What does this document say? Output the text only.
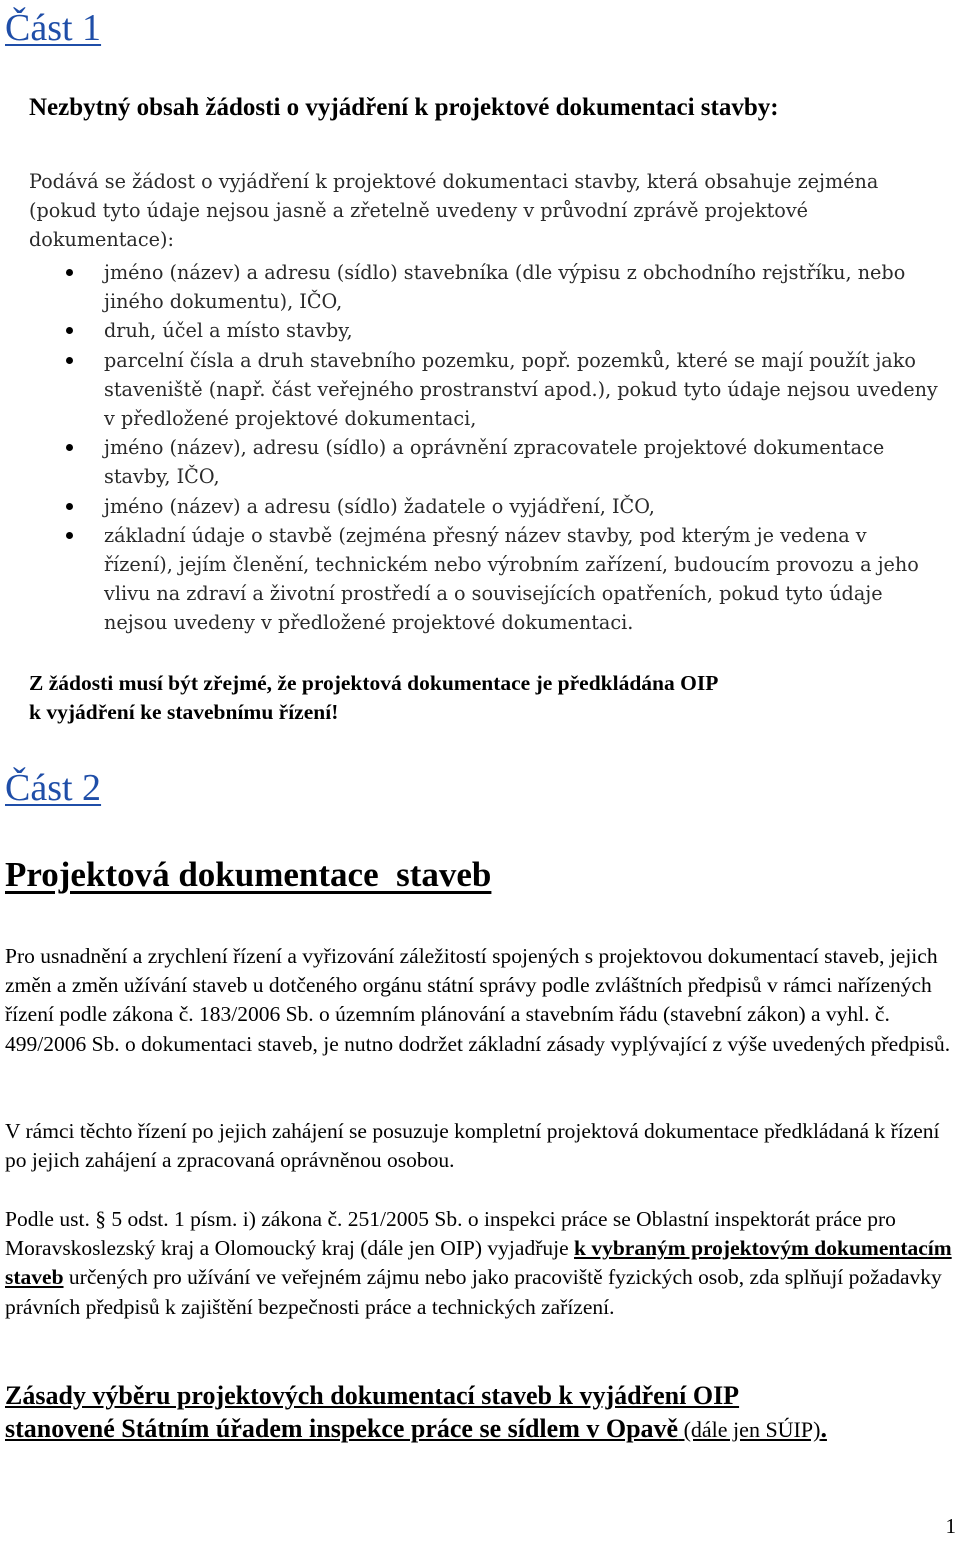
Část 1
Nezbytný obsah žádosti o vyjádření k projektové dokumentaci stavby:

Podává se žádost o vyjádření k projektové dokumentaci stavby, která obsahuje zejména (pokud tyto údaje nejsou jasně a zřetelně uvedeny v průvodní zprávě projektové dokumentace):

jméno (název) a adresu (sídlo) stavebníka (dle výpisu z obchodního rejstříku, nebo jiného dokumentu), IČO,
druh, účel a místo stavby,
parcelní čísla a druh stavebního pozemku, popř. pozemků, které se mají použít jako staveniště (např. část veřejného prostranství apod.), pokud tyto údaje nejsou uvedeny v předložené projektové dokumentaci,
jméno (název), adresu (sídlo) a oprávnění zpracovatele projektové dokumentace stavby, IČO,
jméno (název) a adresu (sídlo) žadatele o vyjádření, IČO,
základní údaje o stavbě (zejména přesný název stavby, pod kterým je vedena v řízení), jejím členění, technickém nebo výrobním zařízení, budoucím provozu a jeho vlivu na zdraví a životní prostředí a o souvisejících opatřeních, pokud tyto údaje nejsou uvedeny v předložené projektové dokumentaci.

Z žádosti musí být zřejmé, že projektová dokumentace je předkládána OIP
k vyjádření ke stavebnímu řízení!

Část 2
Projektová dokumentace  staveb

Pro usnadnění a zrychlení řízení a vyřizování záležitostí spojených s projektovou dokumentací staveb, jejich změn a změn užívání staveb u dotčeného orgánu státní správy podle zvláštních předpisů v rámci nařízených řízení podle zákona č. 183/2006 Sb. o územním plánování a stavebním řádu (stavební zákon) a vyhl. č. 499/2006 Sb. o dokumentaci staveb, je nutno dodržet základní zásady vyplývající z výše uvedených předpisů.

V rámci těchto řízení po jejich zahájení se posuzuje kompletní projektová dokumentace předkládaná k řízení po jejich zahájení a zpracovaná oprávněnou osobou.

Podle ust. § 5 odst. 1 písm. i) zákona č. 251/2005 Sb. o inspekci práce se Oblastní inspektorát práce pro Moravskoslezský kraj a Olomoucký kraj (dále jen OIP) vyjadřuje k vybraným projektovým dokumentacím staveb určených pro užívání ve veřejném zájmu nebo jako pracoviště fyzických osob, zda splňují požadavky právních předpisů k zajištění bezpečnosti práce a technických zařízení.

Zásady výběru projektových dokumentací staveb k vyjádření OIP
stanovené Státním úřadem inspekce práce se sídlem v Opavě (dále jen SÚIP).
1
